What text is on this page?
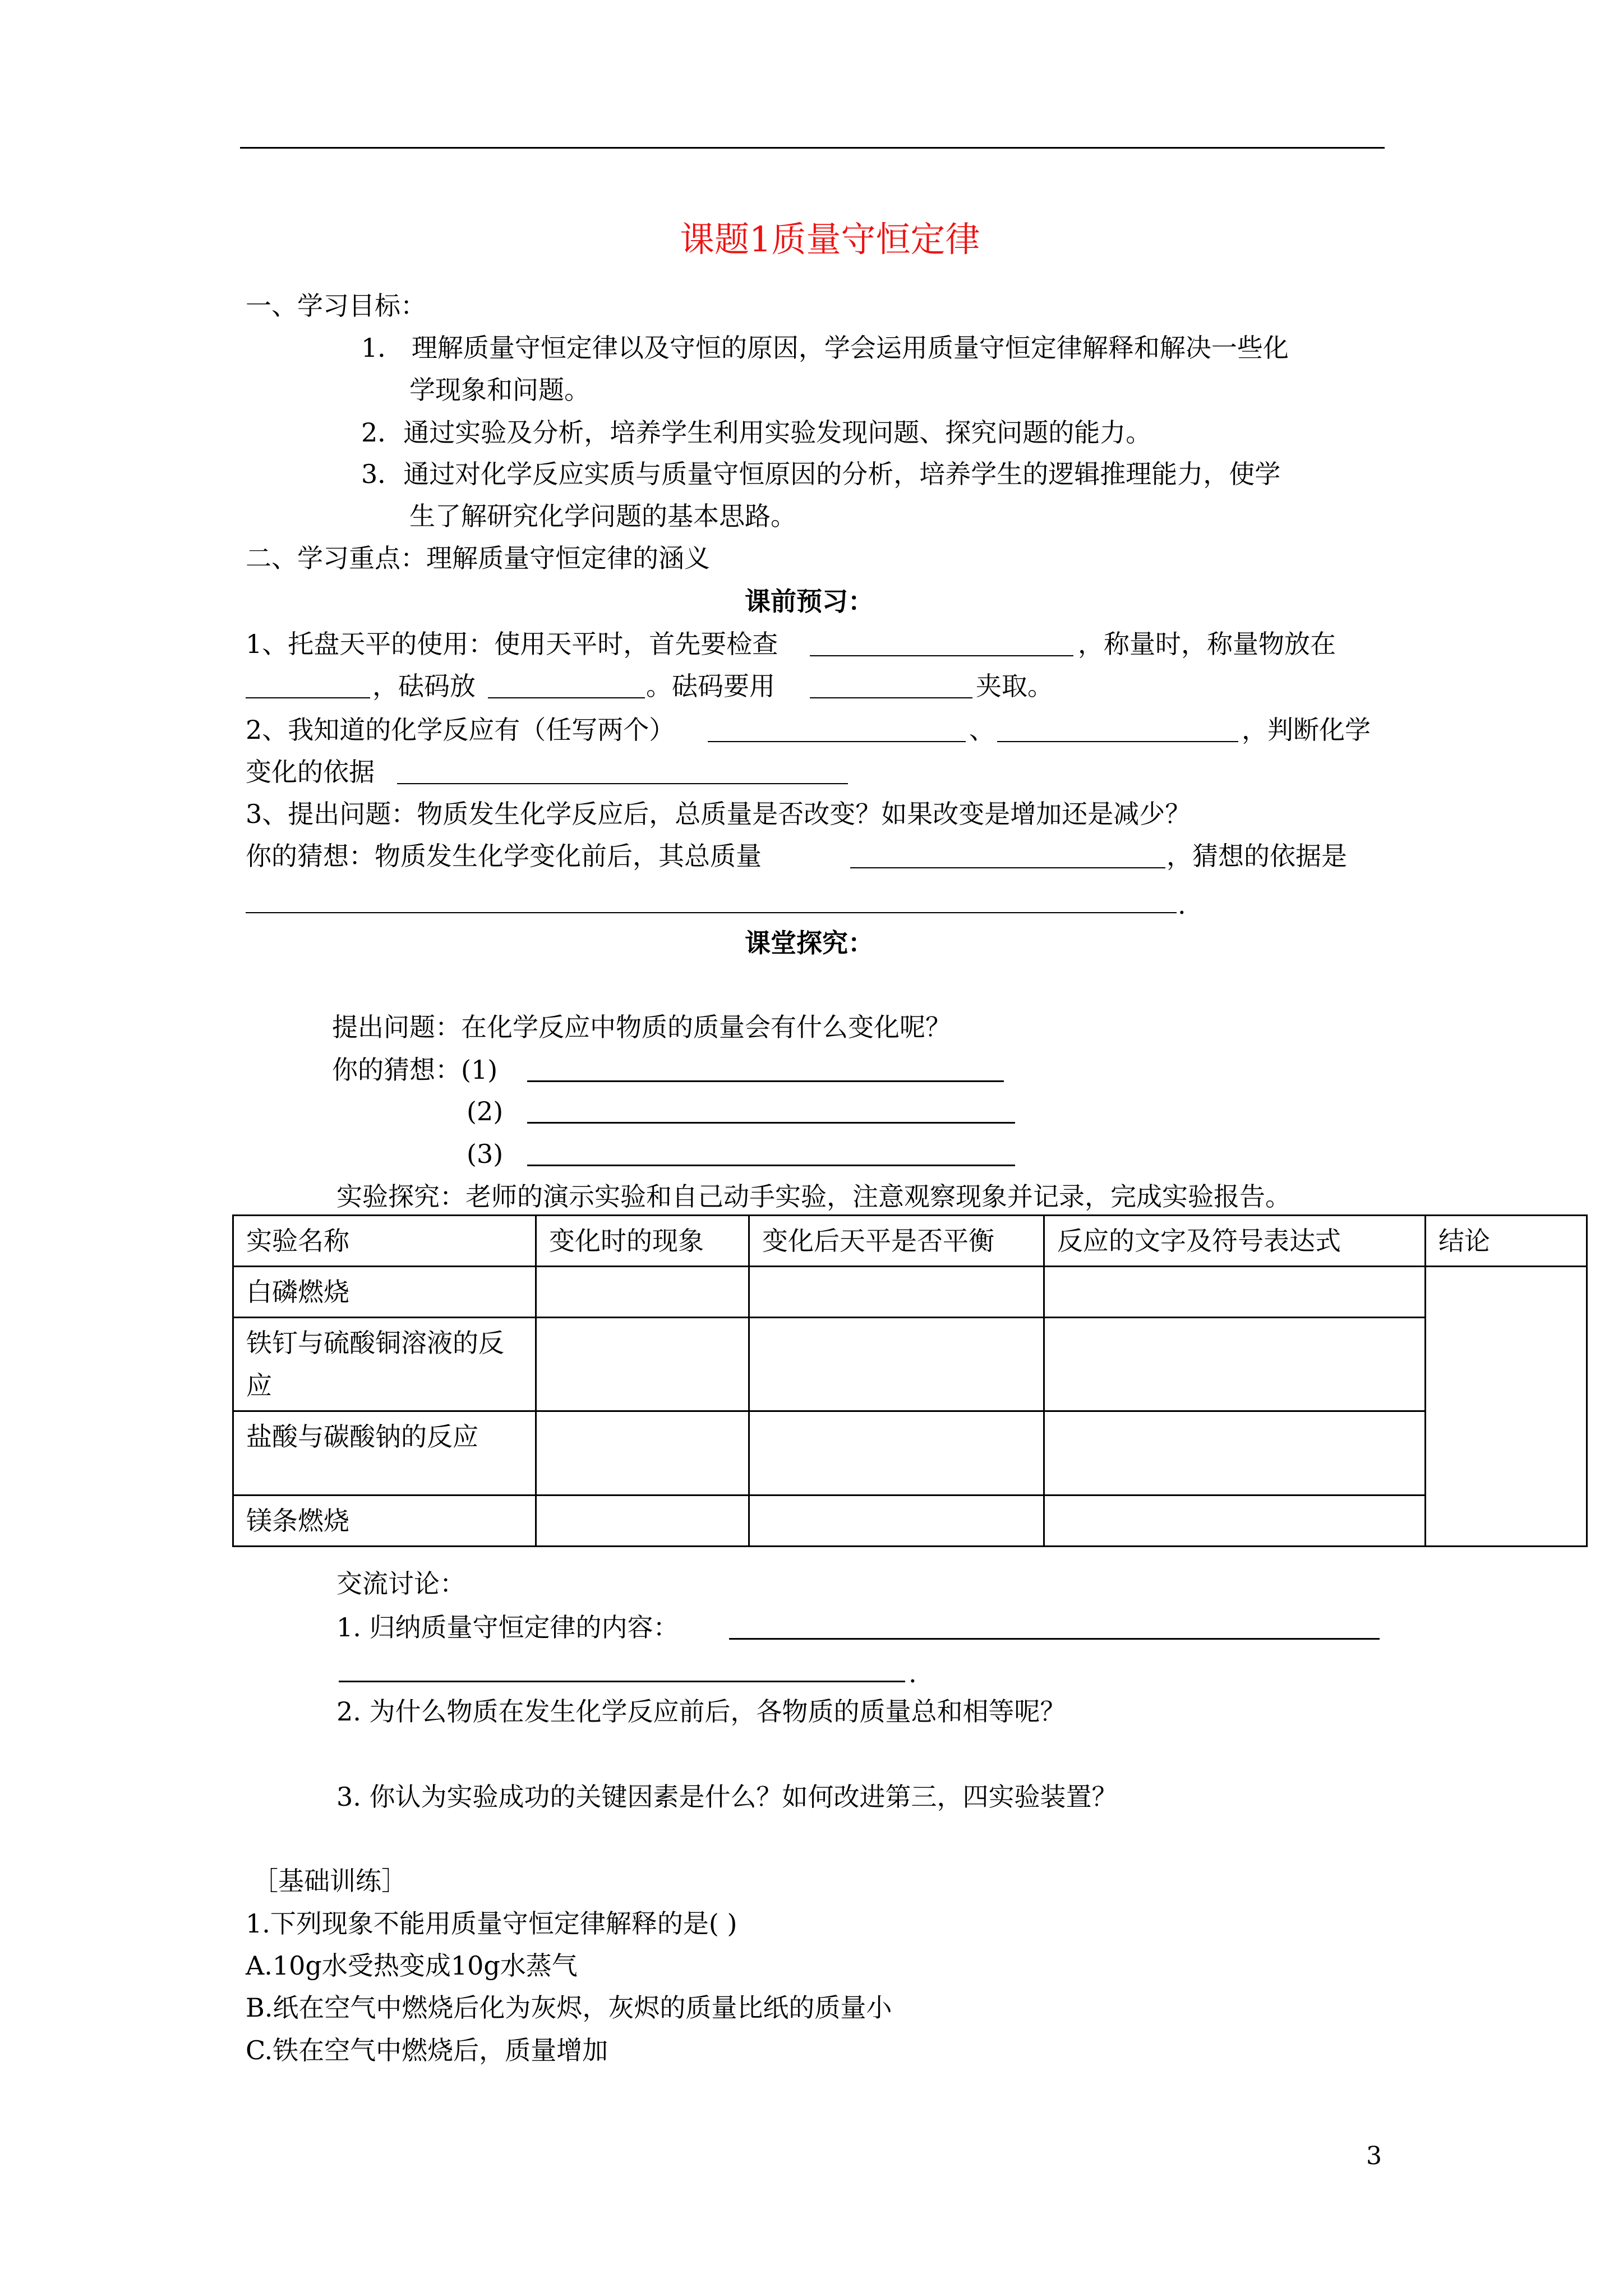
课题1质量守恒定律
一、学习目标：
1． 理解质量守恒定律以及守恒的原因，学会运用质量守恒定律解释和解决一些化
学现象和问题。
2．通过实验及分析，培养学生利用实验发现问题、探究问题的能力。
3．通过对化学反应实质与质量守恒原因的分析，培养学生的逻辑推理能力，使学
生了解研究化学问题的基本思路。
二、学习重点：理解质量守恒定律的涵义
课前预习：
1、托盘天平的使用：使用天平时，首先要检查	，称量时，称量物放在
，砝码放	。砝码要用	夹取。
2、我知道的化学反应有（任写两个）	、	，判断化学
变化的依据
3、提出问题：物质发生化学反应后，总质量是否改变？如果改变是增加还是减少？
你的猜想：物质发生化学变化前后，其总质量	，猜想的依据是
.
课堂探究：
提出问题：在化学反应中物质的质量会有什么变化呢？
你的猜想：(1)
(2)
(3)
实验探究：老师的演示实验和自己动手实验，注意观察现象并记录，完成实验报告。
实验名称	变化时的现象	变化后天平是否平衡	反应的文字及符号表达式	结论
白磷燃烧				
铁钉与硫酸铜溶液的反应				
盐酸与碳酸钠的反应				
镁条燃烧				
交流讨论：
1. 归纳质量守恒定律的内容：
.
2. 为什么物质在发生化学反应前后，各物质的质量总和相等呢？
3. 你认为实验成功的关键因素是什么？如何改进第三，四实验装置？
［基础训练］
1.下列现象不能用质量守恒定律解释的是( )
A.10g水受热变成10g水蒸气
B.纸在空气中燃烧后化为灰烬，灰烬的质量比纸的质量小
C.铁在空气中燃烧后，质量增加
3
